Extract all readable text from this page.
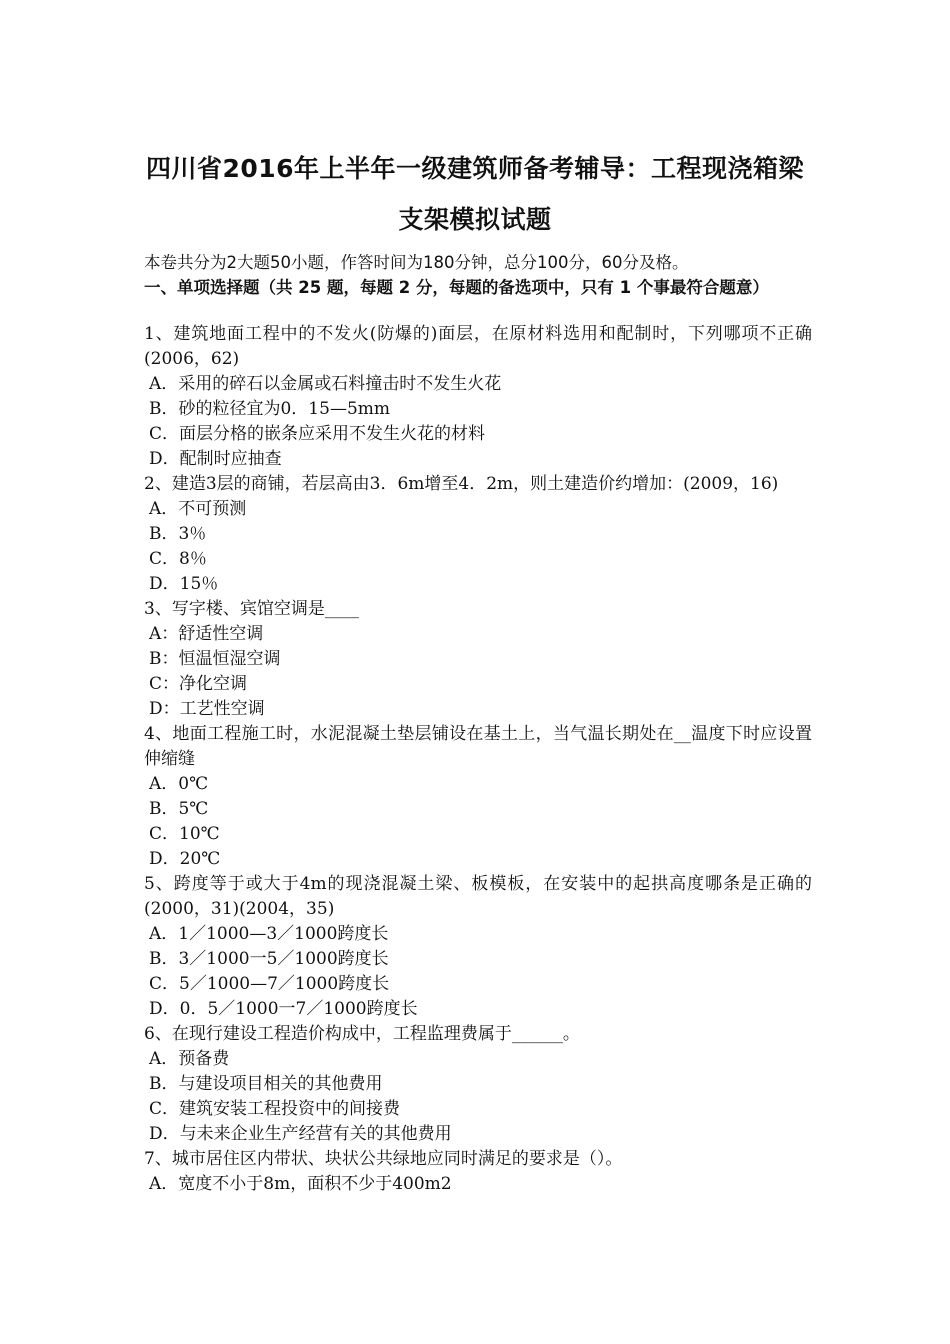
四川省2016年上半年一级建筑师备考辅导：工程现浇箱梁
支架模拟试题
本卷共分为2大题50小题，作答时间为180分钟，总分100分，60分及格。
一、单项选择题（共 25 题，每题 2 分，每题的备选项中，只有 1 个事最符合题意）

1、建筑地面工程中的不发火(防爆的)面层，在原材料选用和配制时，下列哪项不正确(2006，62)

A．采用的碎石以金属或石料撞击时不发生火花

B．砂的粒径宜为0．15—5mm

C．面层分格的嵌条应采用不发生火花的材料

D．配制时应抽查

2、建造3层的商铺，若层高由3．6m增至4．2m，则土建造价约增加：(2009，16)

A．不可预测

B．3％

C．8％

D．15％

3、写字楼、宾馆空调是____

A：舒适性空调

B：恒温恒湿空调

C：净化空调

D：工艺性空调

4、地面工程施工时，水泥混凝土垫层铺设在基土上，当气温长期处在__温度下时应设置伸缩缝

A．0℃

B．5℃

C．10℃

D．20℃

5、跨度等于或大于4m的现浇混凝土梁、板模板，在安装中的起拱高度哪条是正确的(2000，31)(2004，35)

A．1／1000—3／1000跨度长

B．3／1000一5／1000跨度长

C．5／1000—7／1000跨度长

D．0．5／1000一7／1000跨度长

6、在现行建设工程造价构成中，工程监理费属于______。

A．预备费

B．与建设项目相关的其他费用

C．建筑安装工程投资中的间接费

D．与未来企业生产经营有关的其他费用

7、城市居住区内带状、块状公共绿地应同时满足的要求是（）。

A．宽度不小于8m，面积不少于400m2
